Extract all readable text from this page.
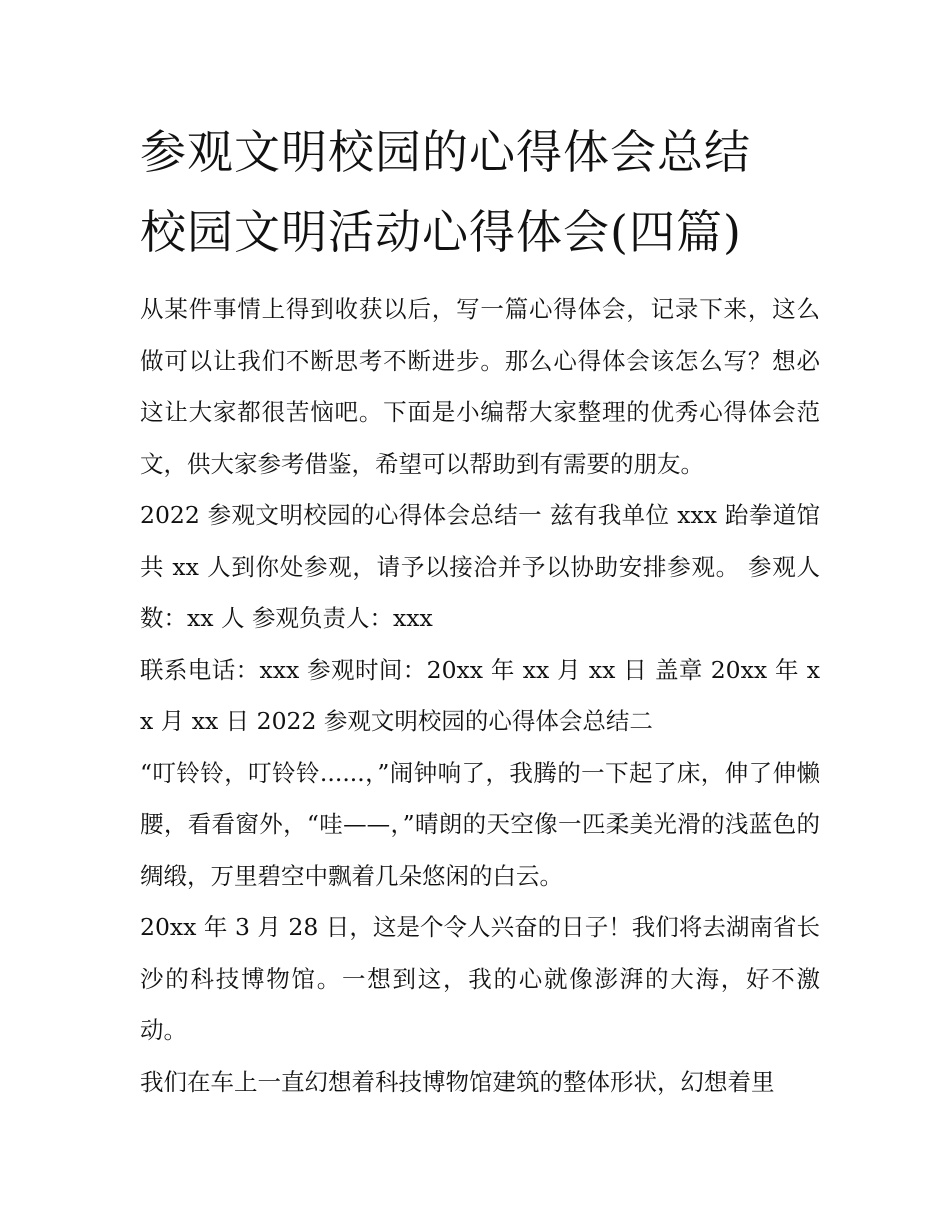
参观文明校园的心得体会总结
校园文明活动心得体会(四篇)

从某件事情上得到收获以后，写一篇心得体会，记录下来，这么做可以让我们不断思考不断进步。那么心得体会该怎么写？想必这让大家都很苦恼吧。下面是小编帮大家整理的优秀心得体会范文，供大家参考借鉴，希望可以帮助到有需要的朋友。

2022 参观文明校园的心得体会总结一 兹有我单位 xxx 跆拳道馆共 xx 人到你处参观，请予以接洽并予以协助安排参观。 参观人数：xx 人 参观负责人：xxx

联系电话：xxx 参观时间：20xx 年 xx 月 xx 日 盖章 20xx 年 xx 月 xx 日 2022 参观文明校园的心得体会总结二

“叮铃铃，叮铃铃......，”闹钟响了，我腾的一下起了床，伸了伸懒腰，看看窗外，“哇——，”晴朗的天空像一匹柔美光滑的浅蓝色的绸缎，万里碧空中飘着几朵悠闲的白云。

20xx 年 3 月 28 日，这是个令人兴奋的日子！我们将去湖南省长沙的科技博物馆。一想到这，我的心就像澎湃的大海，好不激动。

我们在车上一直幻想着科技博物馆建筑的整体形状，幻想着里
